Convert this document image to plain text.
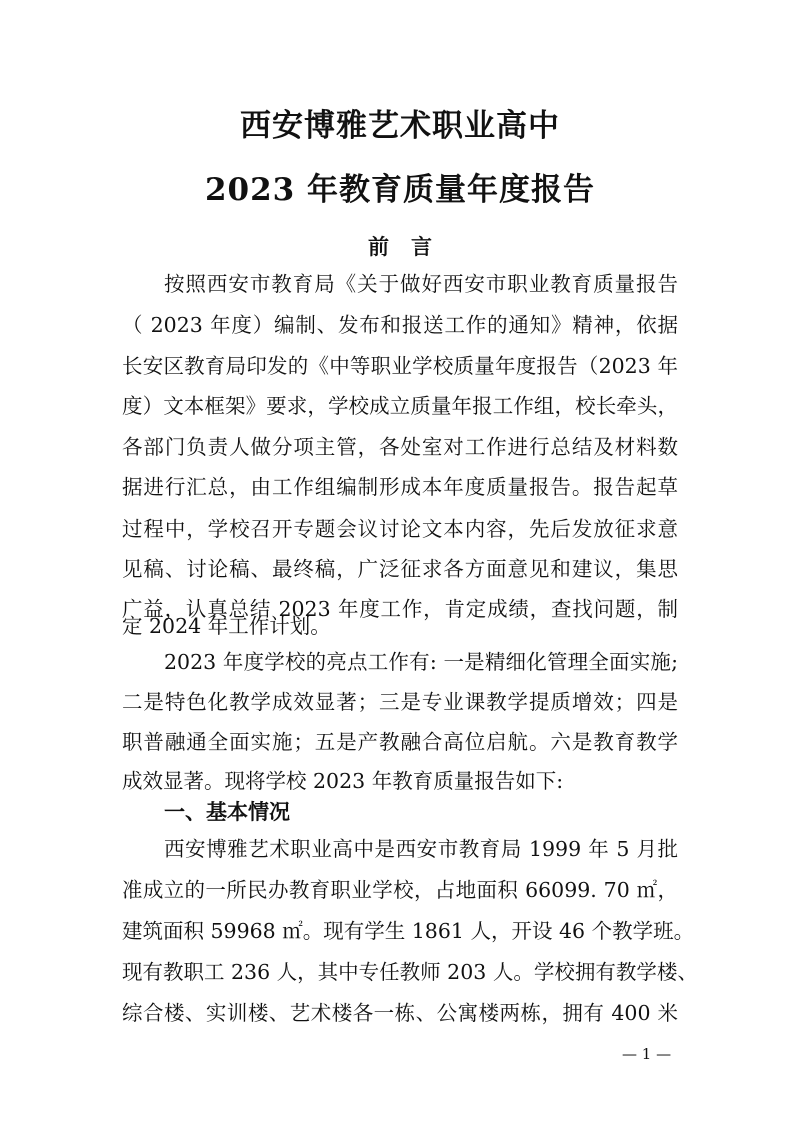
西安博雅艺术职业高中
2023 年教育质量年度报告
前言
按照西安市教育局《关于做好西安市职业教育质量报告
（ 2023 年度）编制、发布和报送工作的通知》精神，依据
长安区教育局印发的《中等职业学校质量年度报告（2023 年
度）文本框架》要求，学校成立质量年报工作组，校长牵头，
各部门负责人做分项主管，各处室对工作进行总结及材料数
据进行汇总，由工作组编制形成本年度质量报告。报告起草
过程中，学校召开专题会议讨论文本内容，先后发放征求意
见稿、讨论稿、最终稿，广泛征求各方面意见和建议，集思
广益，认真总结 2023 年度工作，肯定成绩，查找问题，制
定 2024 年工作计划。
2023 年度学校的亮点工作有: 一是精细化管理全面实施;
二是特色化教学成效显著；三是专业课教学提质增效；四是
职普融通全面实施；五是产教融合高位启航。六是教育教学
一、基本情况
西安博雅艺术职业高中是西安市教育局 1999 年 5 月批
准成立的一所民办教育职业学校，占地面积 66099. 70 ㎡，
建筑面积 59968 ㎡。现有学生 1861 人，开设 46 个教学班。
现有教职工 236 人，其中专任教师 203 人。学校拥有教学楼、
综合楼、实训楼、艺术楼各一栋、公寓楼两栋，拥有 400 米
— 1 —
成效显著。现将学校 2023 年教育质量报告如下:
